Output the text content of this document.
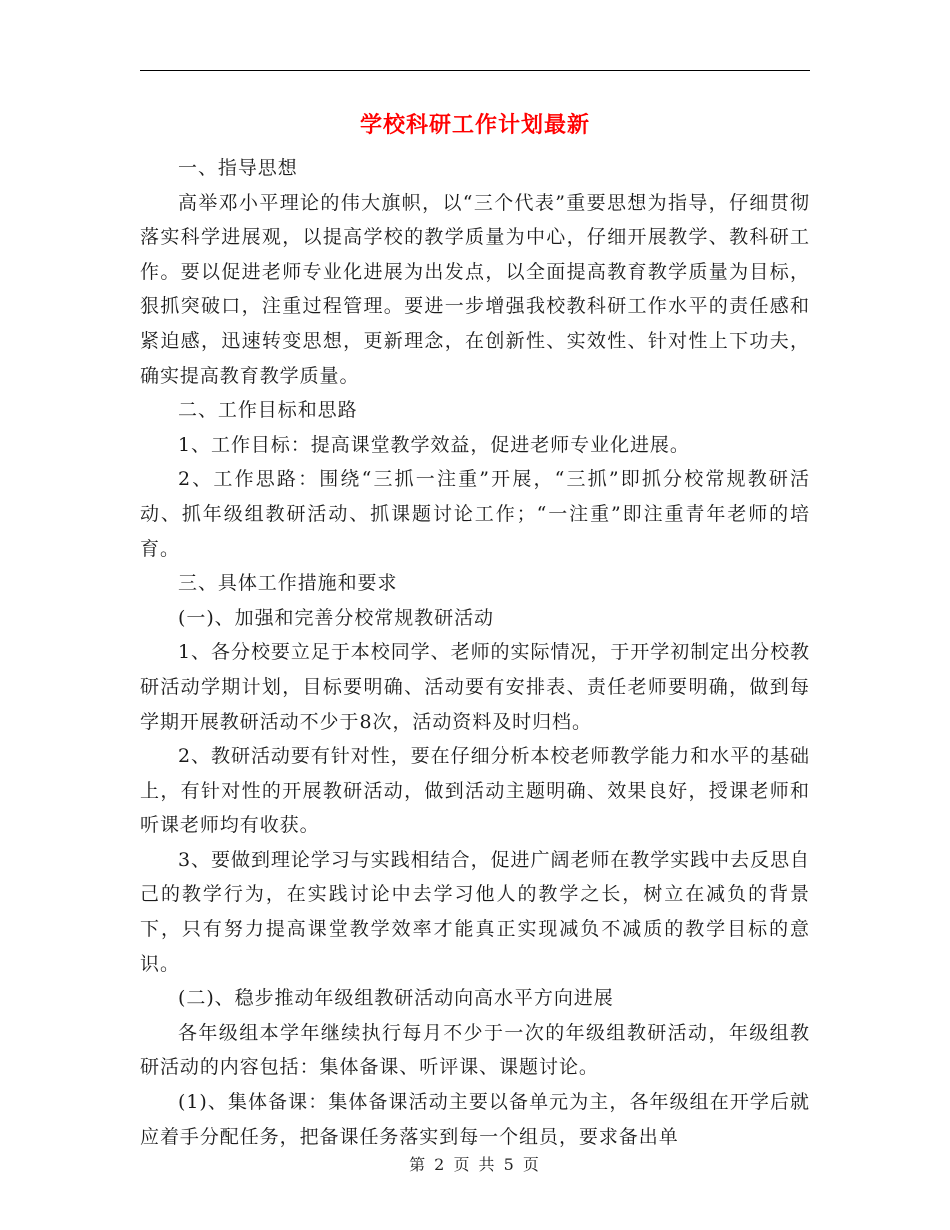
学校科研工作计划最新

一、指导思想

高举邓小平理论的伟大旗帜，以“三个代表”重要思想为指导，仔细贯彻落实科学进展观，以提高学校的教学质量为中心，仔细开展教学、教科研工作。要以促进老师专业化进展为出发点，以全面提高教育教学质量为目标，狠抓突破口，注重过程管理。要进一步增强我校教科研工作水平的责任感和紧迫感，迅速转变思想，更新理念，在创新性、实效性、针对性上下功夫，确实提高教育教学质量。

二、工作目标和思路

1、工作目标：提高课堂教学效益，促进老师专业化进展。

2、工作思路：围绕“三抓一注重”开展，“三抓”即抓分校常规教研活动、抓年级组教研活动、抓课题讨论工作；“一注重”即注重青年老师的培育。

三、具体工作措施和要求

(一)、加强和完善分校常规教研活动

1、各分校要立足于本校同学、老师的实际情况，于开学初制定出分校教研活动学期计划，目标要明确、活动要有安排表、责任老师要明确，做到每学期开展教研活动不少于8次，活动资料及时归档。

2、教研活动要有针对性，要在仔细分析本校老师教学能力和水平的基础上，有针对性的开展教研活动，做到活动主题明确、效果良好，授课老师和听课老师均有收获。

3、要做到理论学习与实践相结合，促进广阔老师在教学实践中去反思自己的教学行为，在实践讨论中去学习他人的教学之长，树立在减负的背景下，只有努力提高课堂教学效率才能真正实现减负不减质的教学目标的意识。

(二)、稳步推动年级组教研活动向高水平方向进展

各年级组本学年继续执行每月不少于一次的年级组教研活动，年级组教研活动的内容包括：集体备课、听评课、课题讨论。

(1)、集体备课：集体备课活动主要以备单元为主，各年级组在开学后就应着手分配任务，把备课任务落实到每一个组员，要求备出单

第 2 页 共 5 页
